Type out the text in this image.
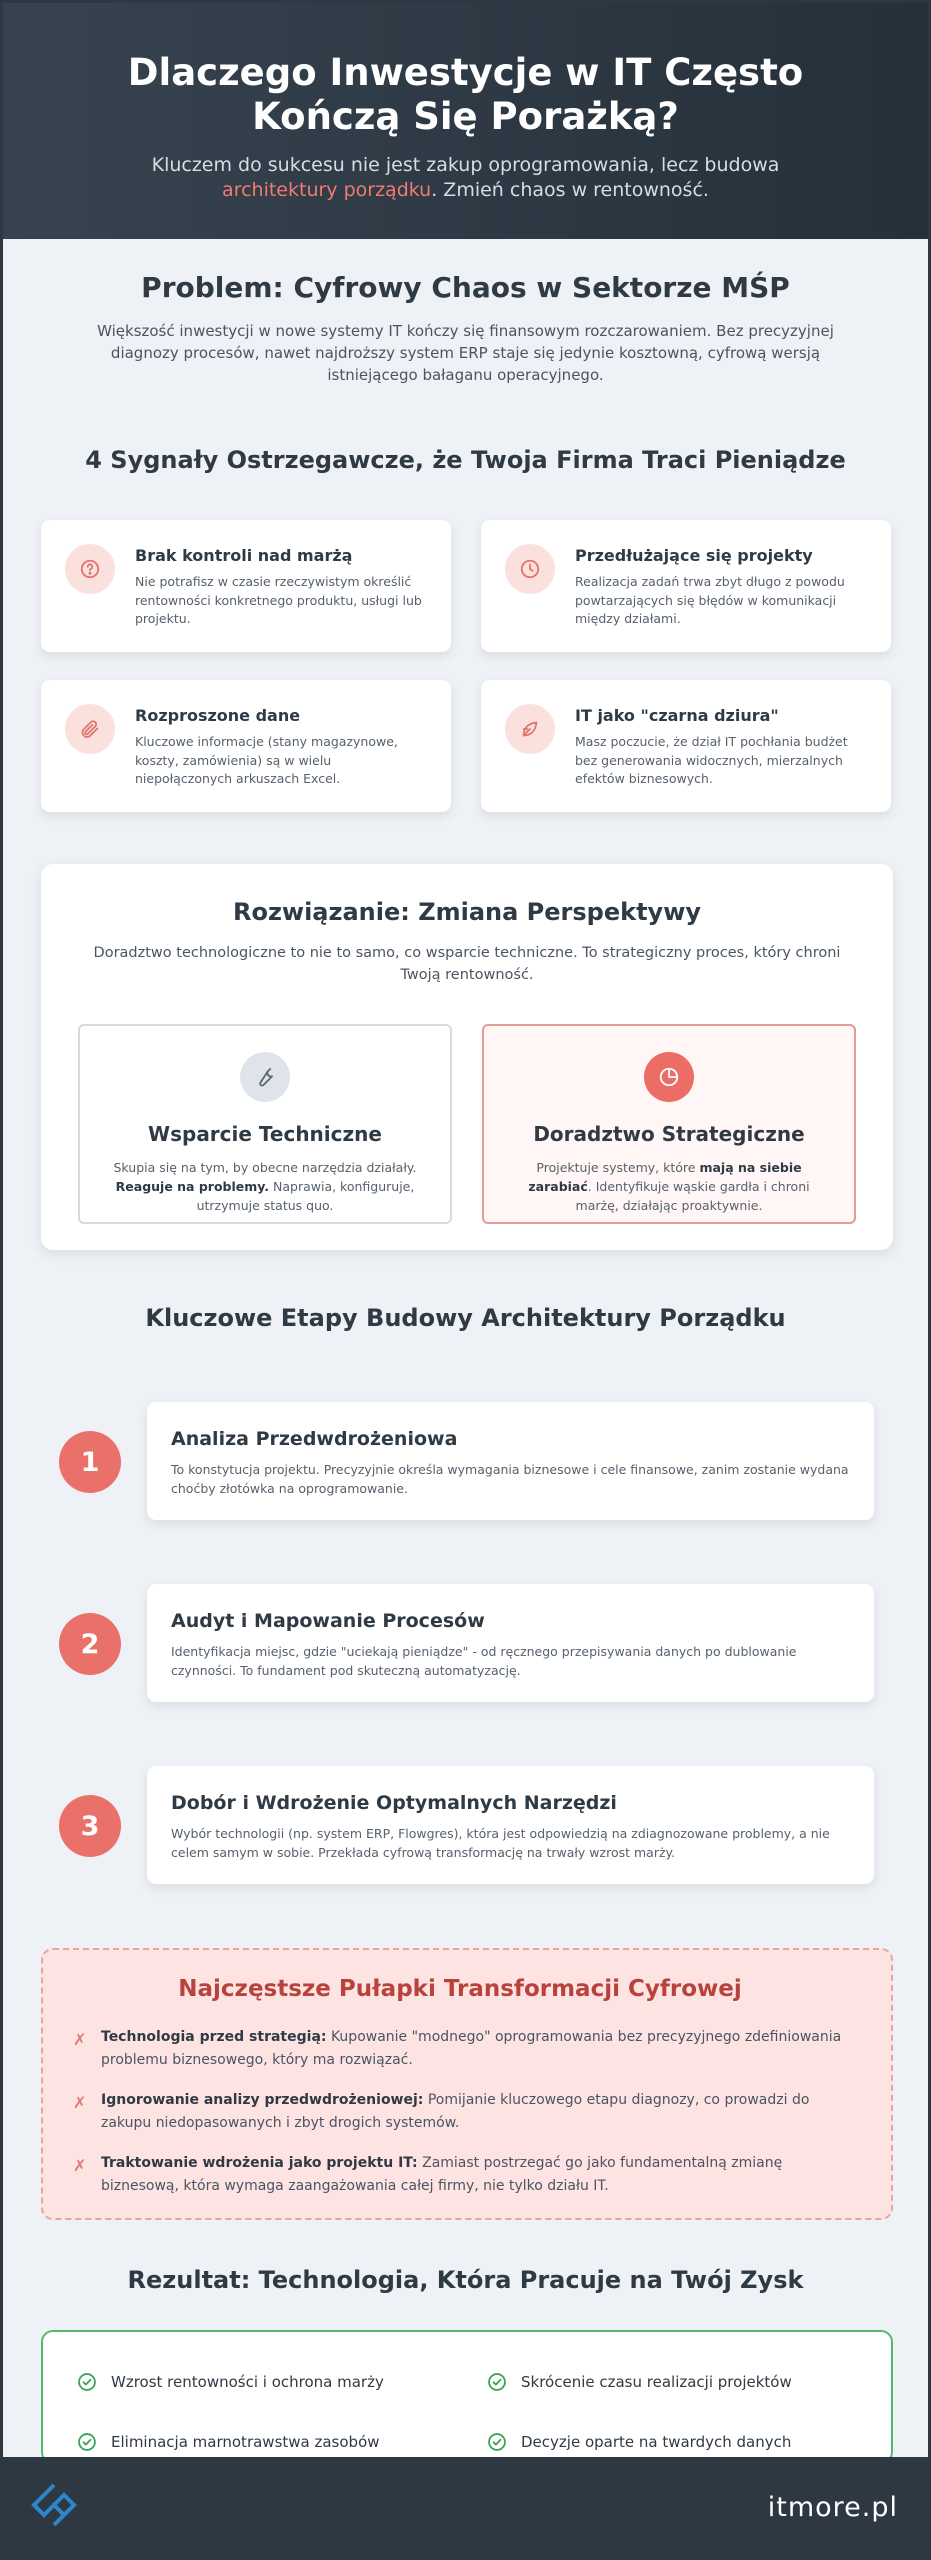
Dlaczego Inwestycje w IT Często Kończą Się Porażką?

Kluczem do sukcesu nie jest zakup oprogramowania, lecz budowa
architektury porządku. Zmień chaos w rentowność.

Problem: Cyfrowy Chaos w Sektorze MŚP

Większość inwestycji w nowe systemy IT kończy się finansowym rozczarowaniem. Bez precyzyjnej diagnozy procesów, nawet najdroższy system ERP staje się jedynie kosztowną, cyfrową wersją istniejącego bałaganu operacyjnego.

4 Sygnały Ostrzegawcze, że Twoja Firma Traci Pieniądze
Brak kontroli nad marżą
Nie potrafisz w czasie rzeczywistym określić rentowności konkretnego produktu, usługi lub projektu.
Przedłużające się projekty
Realizacja zadań trwa zbyt długo z powodu powtarzających się błędów w komunikacji między działami.
Rozproszone dane
Kluczowe informacje (stany magazynowe, koszty, zamówienia) są w wielu niepołączonych arkuszach Excel.
IT jako "czarna dziura"
Masz poczucie, że dział IT pochłania budżet bez generowania widocznych, mierzalnych efektów biznesowych.
Rozwiązanie: Zmiana Perspektywy

Doradztwo technologiczne to nie to samo, co wsparcie techniczne. To strategiczny proces, który chroni Twoją rentowność.

Wsparcie Techniczne

Skupia się na tym, by obecne narzędzia działały. Reaguje na problemy. Naprawia, konfiguruje, utrzymuje status quo.

Doradztwo Strategiczne

Projektuje systemy, które mają na siebie zarabiać. Identyfikuje wąskie gardła i chroni marżę, działając proaktywnie.

Kluczowe Etapy Budowy Architektury Porządku
1
Analiza Przedwdrożeniowa
To konstytucja projektu. Precyzyjnie określa wymagania biznesowe i cele finansowe, zanim zostanie wydana choćby złotówka na oprogramowanie.
2
Audyt i Mapowanie Procesów
Identyfikacja miejsc, gdzie "uciekają pieniądze" - od ręcznego przepisywania danych po dublowanie czynności. To fundament pod skuteczną automatyzację.
3
Dobór i Wdrożenie Optymalnych Narzędzi
Wybór technologii (np. system ERP, Flowgres), która jest odpowiedzią na zdiagnozowane problemy, a nie celem samym w sobie. Przekłada cyfrową transformację na trwały wzrost marży.
Najczęstsze Pułapki Transformacji Cyfrowej
✗	Technologia przed strategią: Kupowanie "modnego" oprogramowania bez precyzyjnego zdefiniowania problemu biznesowego, który ma rozwiązać.

✗	Ignorowanie analizy przedwdrożeniowej: Pomijanie kluczowego etapu diagnozy, co prowadzi do zakupu niedopasowanych i zbyt drogich systemów.

✗	Traktowanie wdrożenia jako projektu IT: Zamiast postrzegać go jako fundamentalną zmianę biznesową, która wymaga zaangażowania całej firmy, nie tylko działu IT.

Rezultat: Technologia, Która Pracuje na Twój Zysk
Wzrost rentowności i ochrona marży	Skrócenie czasu realizacji projektów
Eliminacja marnotrawstwa zasobów	Decyzje oparte na twardych danych
itmore.pl
